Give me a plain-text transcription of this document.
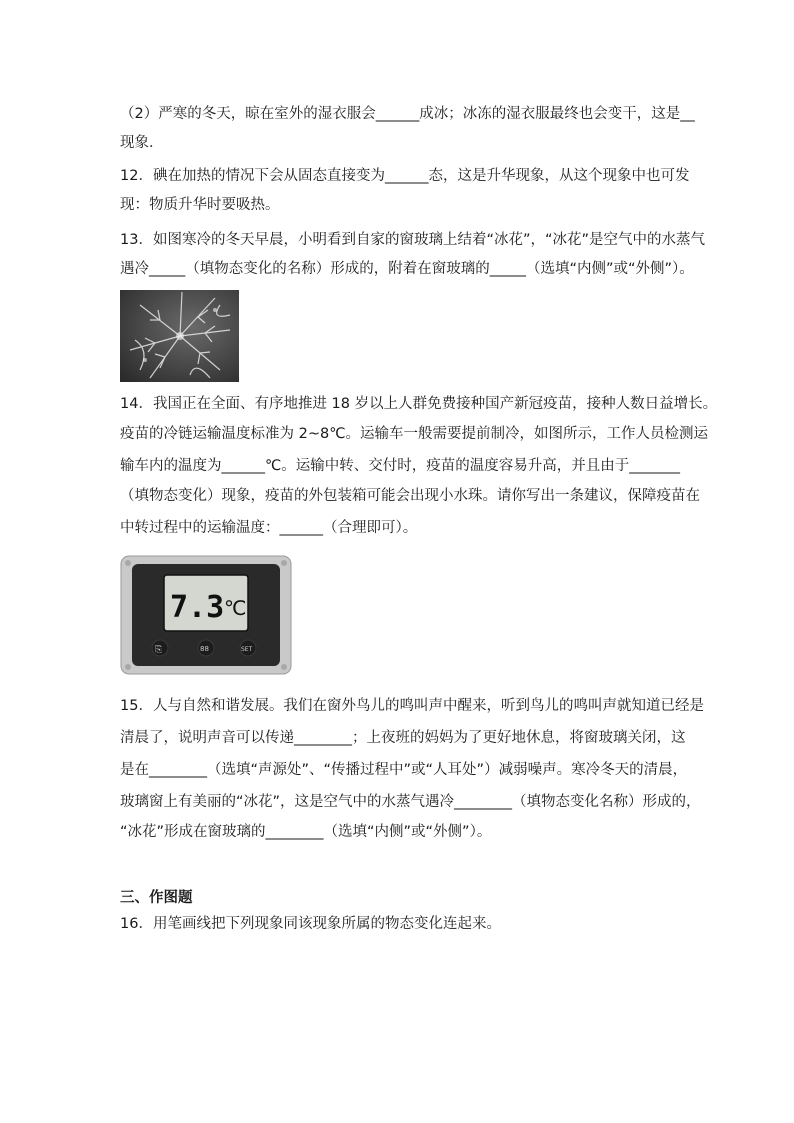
（2）严寒的冬天，晾在室外的湿衣服会______成冰；冰冻的湿衣服最终也会变干，这是__
现象．
12．碘在加热的情况下会从固态直接变为______态，这是升华现象，从这个现象中也可发
现：物质升华时要吸热。
13．如图寒冷的冬天早晨，小明看到自家的窗玻璃上结着“冰花”，“冰花”是空气中的水蒸气
遇冷_____（填物态变化的名称）形成的，附着在窗玻璃的_____（选填“内侧”或“外侧”）。
14．我国正在全面、有序地推进 18 岁以上人群免费接种国产新冠疫苗，接种人数日益增长。
疫苗的冷链运输温度标准为 2~8℃。运输车一般需要提前制冷，如图所示，工作人员检测运
输车内的温度为______℃。运输中转、交付时，疫苗的温度容易升高，并且由于_______
（填物态变化）现象，疫苗的外包装箱可能会出现小水珠。请你写出一条建议，保障疫苗在
中转过程中的运输温度：______（合理即可）。
7.3 ℃
⎘	88	SET
15．人与自然和谐发展。我们在窗外鸟儿的鸣叫声中醒来，听到鸟儿的鸣叫声就知道已经是
清晨了，说明声音可以传递________；上夜班的妈妈为了更好地休息，将窗玻璃关闭，这
是在________（选填“声源处”、“传播过程中”或“人耳处”）减弱噪声。寒冷冬天的清晨，
玻璃窗上有美丽的“冰花”，这是空气中的水蒸气遇冷________（填物态变化名称）形成的，
“冰花”形成在窗玻璃的________（选填“内侧”或“外侧”）。
三、作图题
16．用笔画线把下列现象同该现象所属的物态变化连起来。
